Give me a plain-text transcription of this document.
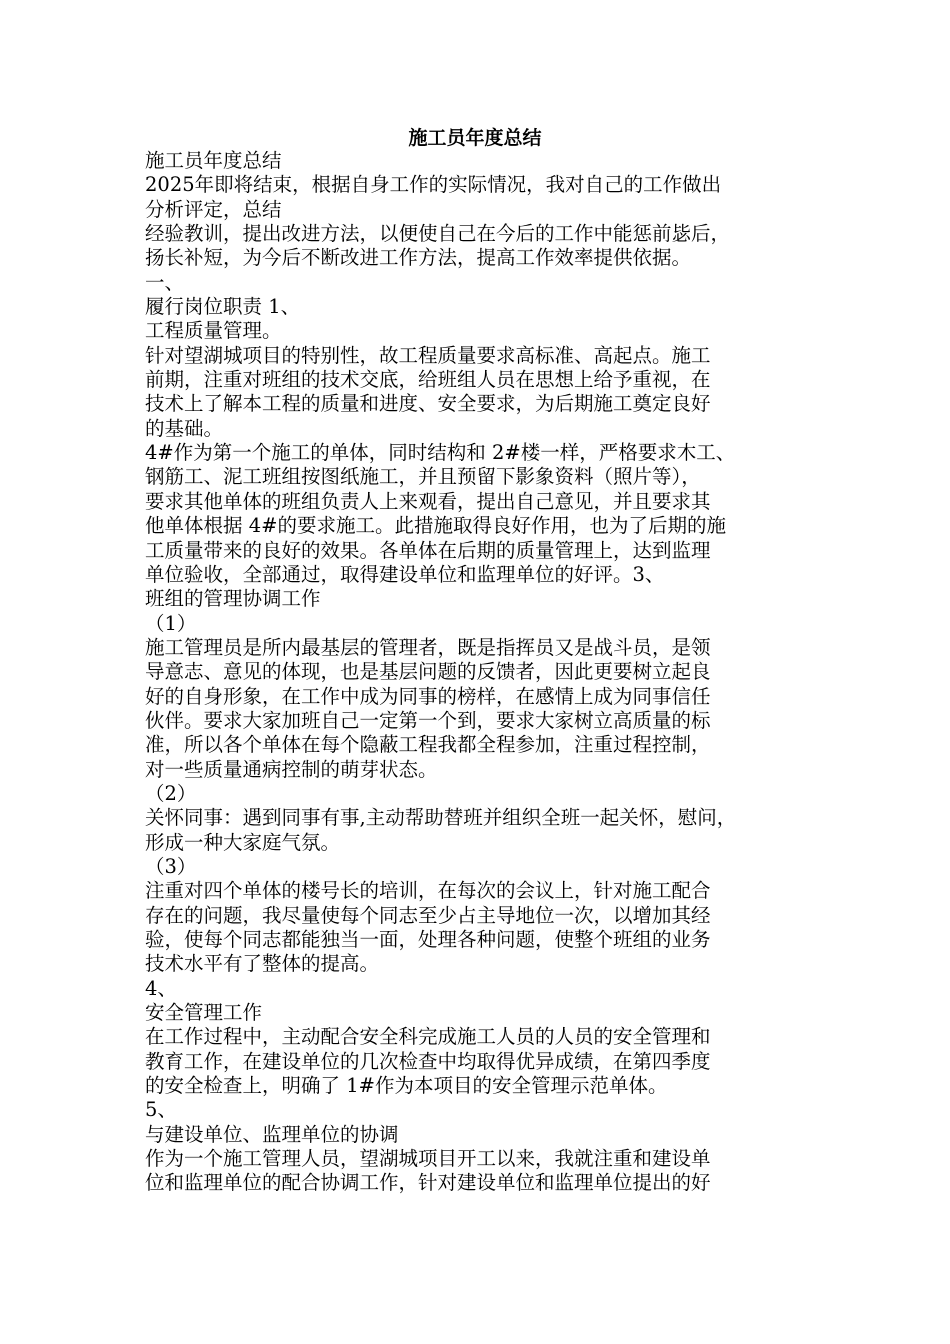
施工员年度总结

施工员年度总结

2025年即将结束，根据自身工作的实际情况，我对自己的工作做出

分析评定，总结

经验教训，提出改进方法，以便使自己在今后的工作中能惩前毖后，

扬长补短，为今后不断改进工作方法，提高工作效率提供依据。

一、

履行岗位职责 1、

工程质量管理。

针对望湖城项目的特别性，故工程质量要求高标准、高起点。施工

前期，注重对班组的技术交底，给班组人员在思想上给予重视，在

技术上了解本工程的质量和进度、安全要求，为后期施工奠定良好

的基础。

4#作为第一个施工的单体，同时结构和 2#楼一样，严格要求木工、

钢筋工、泥工班组按图纸施工，并且预留下影象资料（照片等），

要求其他单体的班组负责人上来观看，提出自己意见，并且要求其

他单体根据 4#的要求施工。此措施取得良好作用，也为了后期的施

工质量带来的良好的效果。各单体在后期的质量管理上，达到监理

单位验收，全部通过，取得建设单位和监理单位的好评。3、

班组的管理协调工作

（1）

施工管理员是所内最基层的管理者，既是指挥员又是战斗员，是领

导意志、意见的体现，也是基层问题的反馈者，因此更要树立起良

好的自身形象，在工作中成为同事的榜样，在感情上成为同事信任

伙伴。要求大家加班自己一定第一个到，要求大家树立高质量的标

准，所以各个单体在每个隐蔽工程我都全程参加，注重过程控制，

对一些质量通病控制的萌芽状态。

（2）

关怀同事：遇到同事有事,主动帮助替班并组织全班一起关怀，慰问，

形成一种大家庭气氛。

（3）

注重对四个单体的楼号长的培训，在每次的会议上，针对施工配合

存在的问题，我尽量使每个同志至少占主导地位一次，以增加其经

验，使每个同志都能独当一面，处理各种问题，使整个班组的业务

技术水平有了整体的提高。

4、

安全管理工作

在工作过程中，主动配合安全科完成施工人员的人员的安全管理和

教育工作，在建设单位的几次检查中均取得优异成绩，在第四季度

的安全检查上，明确了 1#作为本项目的安全管理示范单体。

5、

与建设单位、监理单位的协调

作为一个施工管理人员，望湖城项目开工以来，我就注重和建设单

位和监理单位的配合协调工作，针对建设单位和监理单位提出的好
